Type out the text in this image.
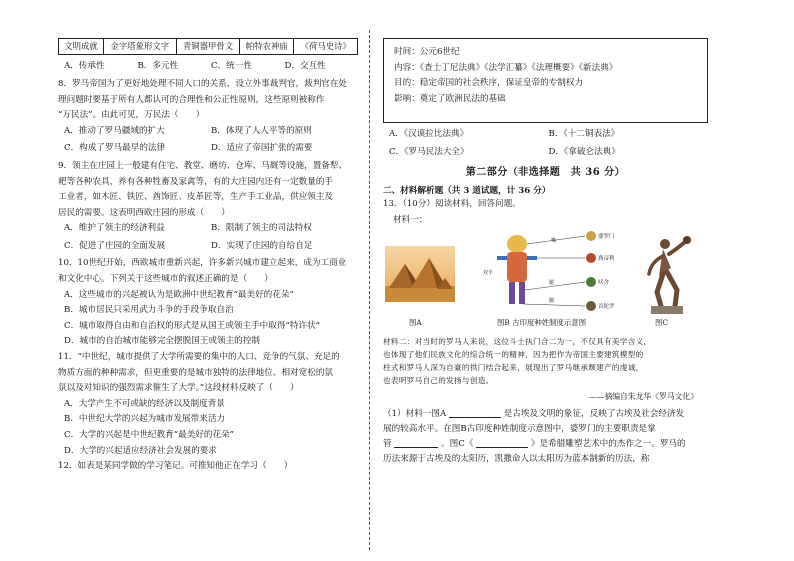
文明成就	金字塔象形文字	青铜器甲骨文	帕特农神庙	《荷马史诗》
A．传承性	B．多元性	C．统一性	D．交互性

8．罗马帝国为了更好地处理不同人口的关系，设立外事裁判官，裁判官在处

理问题时要基于所有人都认可的合理性和公正性原则，这些原则被称作

“万民法”。由此可见，万民法（　　）

A．推动了罗马疆域的扩大	B．体现了人人平等的原则
C．构成了罗马最早的法律	D．适应了帝国扩张的需要

9．领主在庄园上一般建有住宅、教堂、磨坊、仓库、马厩等设施，置备犁、

耙等各种农具，养有各种牲畜及家禽等，有的大庄园内还有一定数量的手

工业者，如木匠、铁匠、酋饰匠、皮革匠等，生产手工业品，供应领主及

居民的需要。这表明西欧庄园的形成（　　）

A．维护了领主的经济利益	B．限制了领主的司法特权
C．促进了庄园的全面发展	D．实现了庄园的自给自足

10．10世纪开始，西欧城市重新兴起，许多新兴城市建立起来，成为工商业

和文化中心。下列关于这些城市的叙述正确的是（　　）

A．这些城市的兴起被认为是欧洲中世纪教育“最美好的花朵”
B．城市居民只采用武力斗争的手段争取自治
C．城市取得自由和自治权的形式是从国王或领主手中取得“特许状”
D．城市的自治城市能够完全摆脱国王或领主的控制

11．“中世纪，城市提供了大学所需要的集中的人口、竞争的气氛、充足的

物质方面的种种需求，但更重要的是城市独特的法律地位、相对宽松的氛

氛以及对知识的强烈需求催生了大学。”这段材料反映了（　　）

A．大学产生不可或缺的经济以及制度背景
B．中世纪大学的兴起为城市发展带来活力
C．大学的兴起是中世纪教育“最美好的花朵”
D．大学的兴起适应经济社会发展的要求

12．如表是某同学做的学习笔记。可推知他正在学习（　　）

时间：公元6世纪
内容：《查士丁尼法典》《法学汇纂》《法理概要》《新法典》
目的：稳定帝国的社会秩序，保证皇帝的专制权力
影响：奠定了欧洲民法的基础
A．《汉谟拉比法典》	B．《十二铜表法》
C．《罗马民法大全》	D．《拿破仑法典》
第二部分（非选择题　共 36 分）
二、材料解析题（共 3 道试题，计 36 分）
13．（10分）阅读材料，回答问题。
材料一：
婆罗门
刹帝利
吠舍
首陀罗
嘴
双手
腿
脚
图A	图B 古印度种姓制度示意图	图C
材料二：对当时的罗马人来说，这位斗士执门合二为一，不仅具有美学含义，
也体现了他们民族文化的综合统一的精神，因为把作为帝国主要建筑模型的
柱式和罗马人深为自豪的拱门结合起来，展现出了罗马继承颓建产的虔诚，
也表明罗马自己的发扬与创造。
——摘编自朱龙华《罗马文化》
（1）材料一图A	是古埃及文明的象征，反映了古埃及社会经济发
展的较高水平。在图B古印度种姓制度示意图中，婆罗门的主要职责是掌
管	。图C《	》是希腊雕塑艺术中的杰作之一。罗马的
历法来源于古埃及的太阳历，凯撒命人以太阳历为蓝本制新的历法，称
